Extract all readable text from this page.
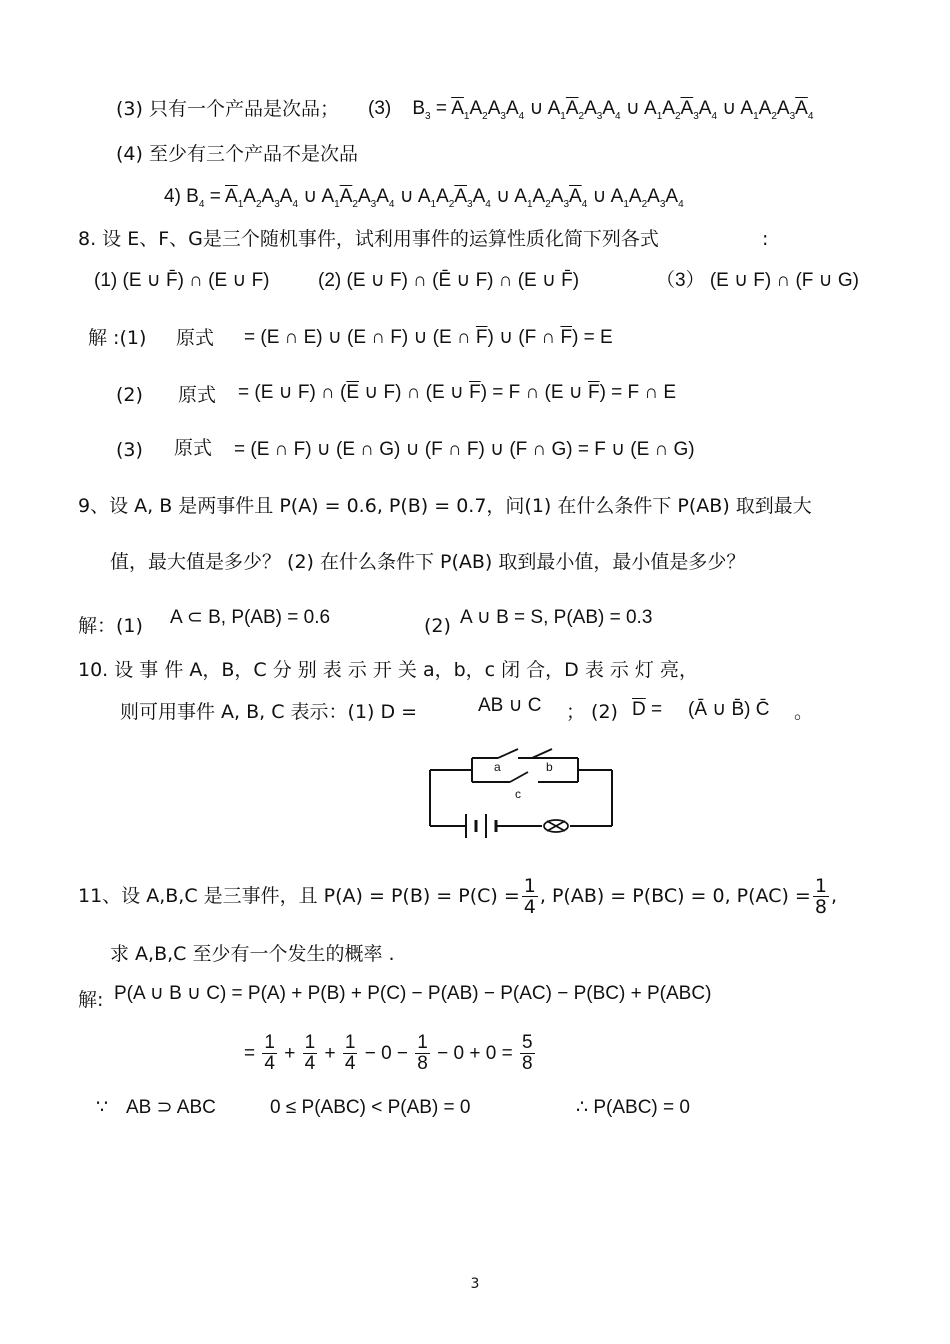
(3) 只有一个产品是次品； (3)    $B_3 = \overline{A}_1A_2A_3A_4$ ∪ $A_1\overline{A}_2A_3A_4$ ∪ $A_1A_2\overline{A}_3A_4$ ∪ $A_1A_2A_3\overline{A}_4$
(4) 至少有三个产品不是次品
4) $B_4 = \overline{A}_1A_2A_3A_4$ ∪ $A_1\overline{A}_2A_3A_4$ ∪ $A_1A_2\overline{A}_3A_4$ ∪ $A_1A_2A_3\overline{A}_4$ ∪ $A_1A_2A_3A_4$
8. 设 E、F、G是三个随机事件，试利用事件的运算性质化简下列各式	:
(1) (E ∪ F̄) ∩ (E ∪ F)	(2) (E ∪ F) ∩ (Ē ∪ F) ∩ (E ∪ F̄)	（3） (E ∪ F) ∩ (F ∪ G)
解 :(1) 原式 = (E ∩ E) ∪ (E ∩ F) ∪ (E ∩ $\overline{F}$) ∪ (F ∩ $\overline{F}) = E$
(2) 原式 = (E ∪ F) ∩ ($\overline{E}$ ∪ F) ∩ (E ∪ $\overline{F}) = F$ ∩ (E ∪ $\overline{F}) = F$ ∩ E
(3) 原式 = (E ∩ F) ∪ (E ∩ G) ∪ (F ∩ F) ∪ (F ∩ G) = F ∪ (E ∩ G)
9、设 A, B 是两事件且 P(A) = 0.6, P(B) = 0.7，问(1) 在什么条件下 P(AB) 取到最大
值，最大值是多少？ (2) 在什么条件下 P(AB) 取到最小值，最小值是多少？
解：(1) A ⊂ B, P(AB) = 0.6	(2) A ∪ B = S, P(AB) = 0.3
10. 设 事 件 A，B，C 分 别 表 示 开 关 a，b，c 闭 合，D 表 示 灯 亮，
则可用事件 A, B, C 表示：(1) D =	AB ∪ C ； (2) $\overline{D}$ = (Ā ∪ B̄) C̄ 。
a	b
c
11、设 A,B,C 是三事件，且 $P(A) = P(B) = P(C) = \frac{1}{4}$ , P(AB) = P(BC) = 0, $P(AC) = \frac{1}{8}$ ,
求 A,B,C 至少有一个发生的概率 .
解: P(A ∪ B ∪ C) = P(A) + P(B) + P(C) − P(AB) − P(AC) − P(BC) + P(ABC)
= $\frac{1}{4} + \frac{1}{4} + \frac{1}{4} - 0 - \frac{1}{8} - 0 + 0 = \frac{5}{8}$
∵ AB ⊃ ABC	0 ≤ P(ABC) < P(AB) = 0	∴ P(ABC) = 0
3
